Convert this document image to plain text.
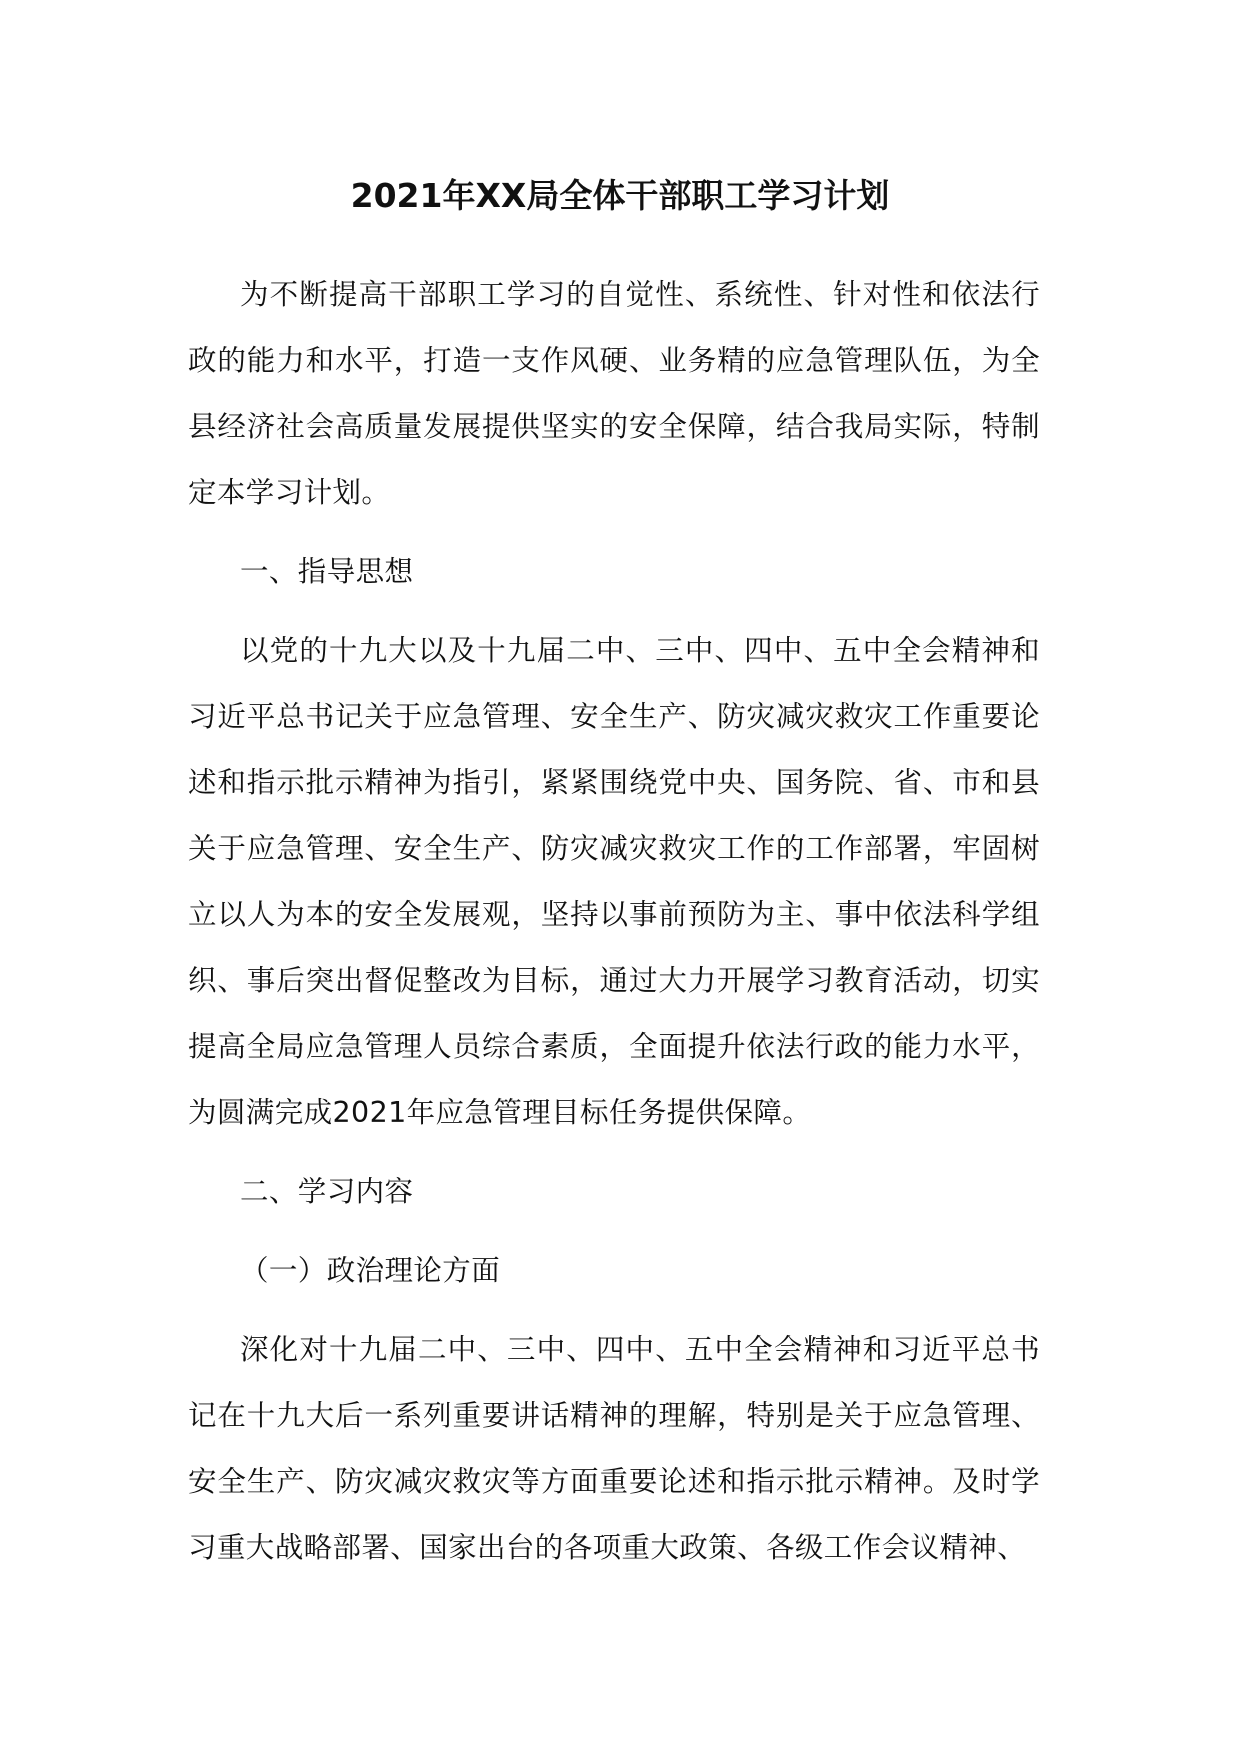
2021年XX局全体干部职工学习计划

为不断提高干部职工学习的自觉性、系统性、针对性和依法行政的能力和水平，打造一支作风硬、业务精的应急管理队伍，为全县经济社会高质量发展提供坚实的安全保障，结合我局实际，特制定本学习计划。

一、指导思想

以党的十九大以及十九届二中、三中、四中、五中全会精神和习近平总书记关于应急管理、安全生产、防灾减灾救灾工作重要论述和指示批示精神为指引，紧紧围绕党中央、国务院、省、市和县关于应急管理、安全生产、防灾减灾救灾工作的工作部署，牢固树立以人为本的安全发展观，坚持以事前预防为主、事中依法科学组织、事后突出督促整改为目标，通过大力开展学习教育活动，切实提高全局应急管理人员综合素质，全面提升依法行政的能力水平，为圆满完成2021年应急管理目标任务提供保障。

二、学习内容

（一）政治理论方面

深化对十九届二中、三中、四中、五中全会精神和习近平总书记在十九大后一系列重要讲话精神的理解，特别是关于应急管理、安全生产、防灾减灾救灾等方面重要论述和指示批示精神。及时学习重大战略部署、国家出台的各项重大政策、各级工作会议精神、
